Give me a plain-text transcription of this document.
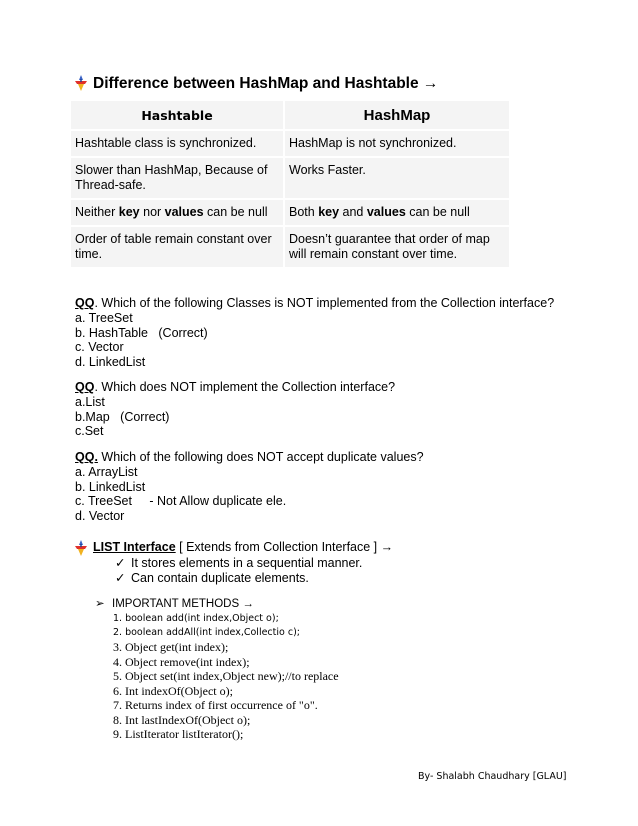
Difference between HashMap and Hashtable →
Hashtable	HashMap
Hashtable class is synchronized.	HashMap is not synchronized.
Slower than HashMap, Because of Thread-safe.	Works Faster.
Neither key nor values can be null	Both key and values can be null
Order of table remain constant over time.	Doesn’t guarantee that order of map will remain constant over time.
QQ. Which of the following Classes is NOT implemented from the Collection interface?
a. TreeSet
b. HashTable   (Correct)
c. Vector
d. LinkedList
QQ. Which does NOT implement the Collection interface?
a.List
b.Map   (Correct)
c.Set
QQ. Which of the following does NOT accept duplicate values?
a. ArrayList
b. LinkedList
c. TreeSet     - Not Allow duplicate ele.
d. Vector
LIST Interface [ Extends from Collection Interface ] →
✓ It stores elements in a sequential manner.
✓ Can contain duplicate elements.
➢ IMPORTANT METHODS →
1. boolean add(int index,Object o);
2. boolean addAll(int index,Collectio c);
3. Object get(int index);
4. Object remove(int index);
5. Object set(int index,Object new);//to replace
6. Int indexOf(Object o);
7. Returns index of first occurrence of "o".
8. Int lastIndexOf(Object o);
9. ListIterator listIterator();
By- Shalabh Chaudhary [GLAU]
